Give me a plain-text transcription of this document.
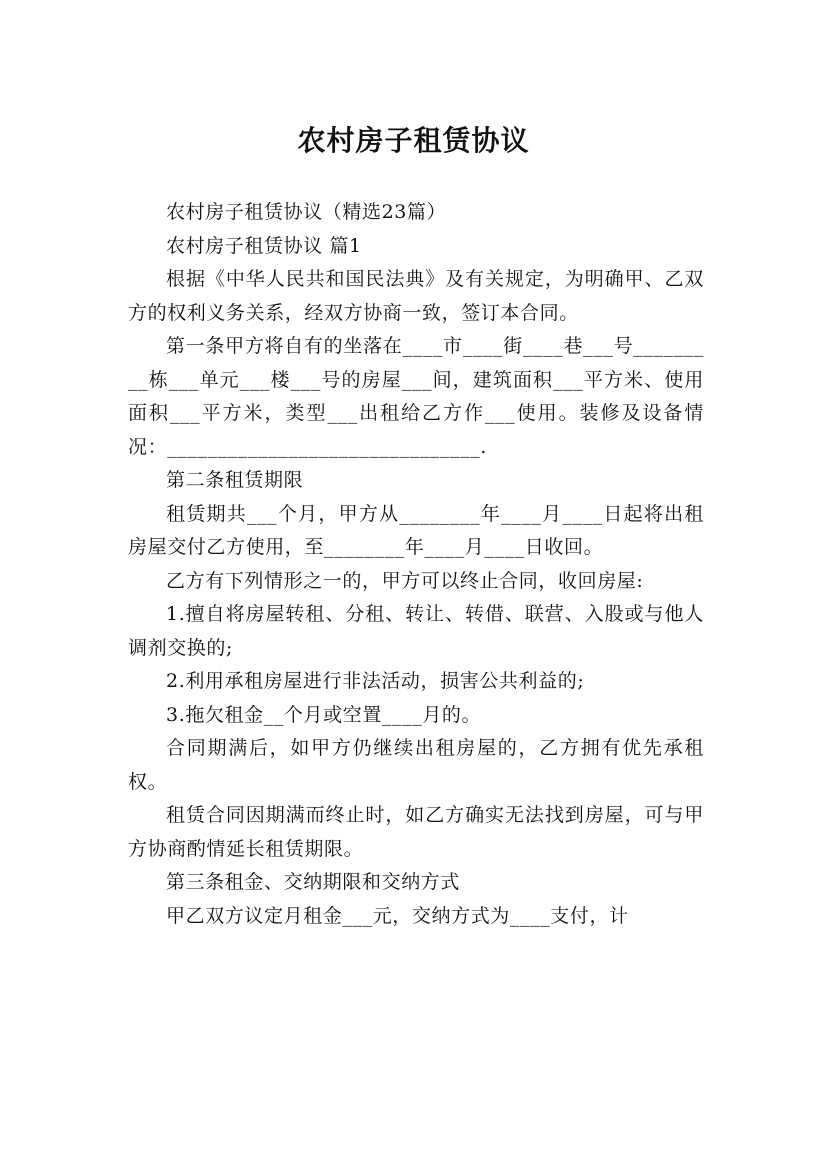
农村房子租赁协议

农村房子租赁协议（精选23篇）

农村房子租赁协议 篇1

根据《中华人民共和国民法典》及有关规定，为明确甲、乙双方的权利义务关系，经双方协商一致，签订本合同。

第一条甲方将自有的坐落在____市____街____巷___号_________栋___单元___楼___号的房屋___间，建筑面积___平方米、使用面积___平方米，类型___出租给乙方作___使用。装修及设备情况：_______________________________.

第二条租赁期限

租赁期共___个月，甲方从________年____月____日起将出租房屋交付乙方使用，至________年____月____日收回。

乙方有下列情形之一的，甲方可以终止合同，收回房屋:

1.擅自将房屋转租、分租、转让、转借、联营、入股或与他人调剂交换的;

2.利用承租房屋进行非法活动，损害公共利益的;

3.拖欠租金__个月或空置____月的。

合同期满后，如甲方仍继续出租房屋的，乙方拥有优先承租权。

租赁合同因期满而终止时，如乙方确实无法找到房屋，可与甲方协商酌情延长租赁期限。

第三条租金、交纳期限和交纳方式

甲乙双方议定月租金___元，交纳方式为____支付，计
